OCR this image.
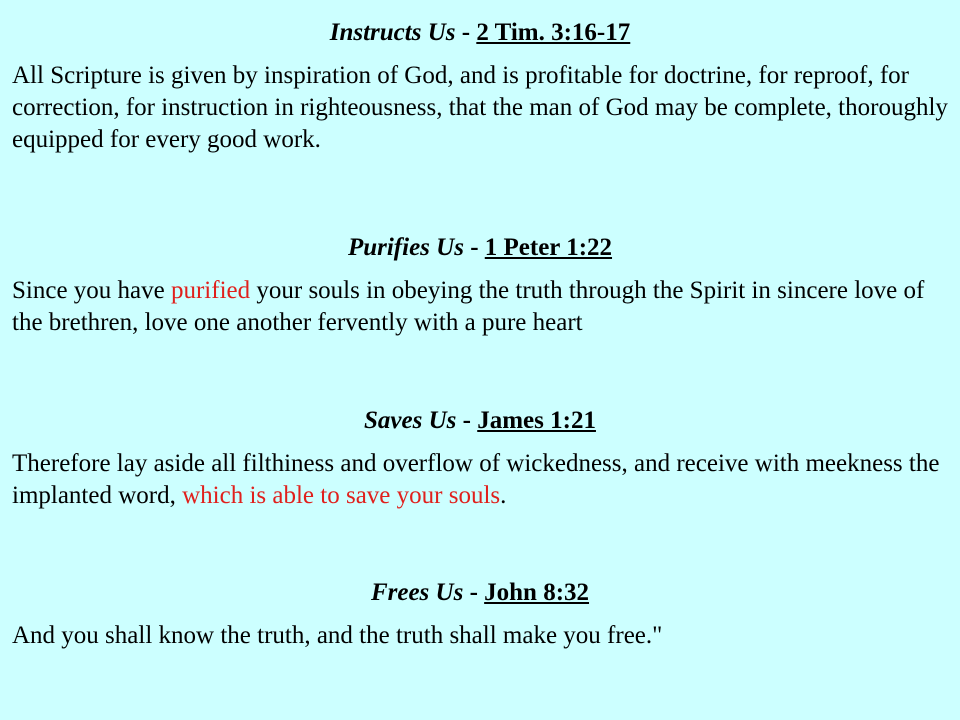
Instructs Us - 2 Tim. 3:16-17

All Scripture is given by inspiration of God, and is profitable for doctrine, for reproof, for correction, for instruction in righteousness, that the man of God may be complete, thoroughly equipped for every good work.

Purifies Us - 1 Peter 1:22

Since you have purified your souls in obeying the truth through the Spirit in sincere love of the brethren, love one another fervently with a pure heart

Saves Us - James 1:21

Therefore lay aside all filthiness and overflow of wickedness, and receive with meekness the implanted word, which is able to save your souls.

Frees Us - John 8:32

And you shall know the truth, and the truth shall make you free."
